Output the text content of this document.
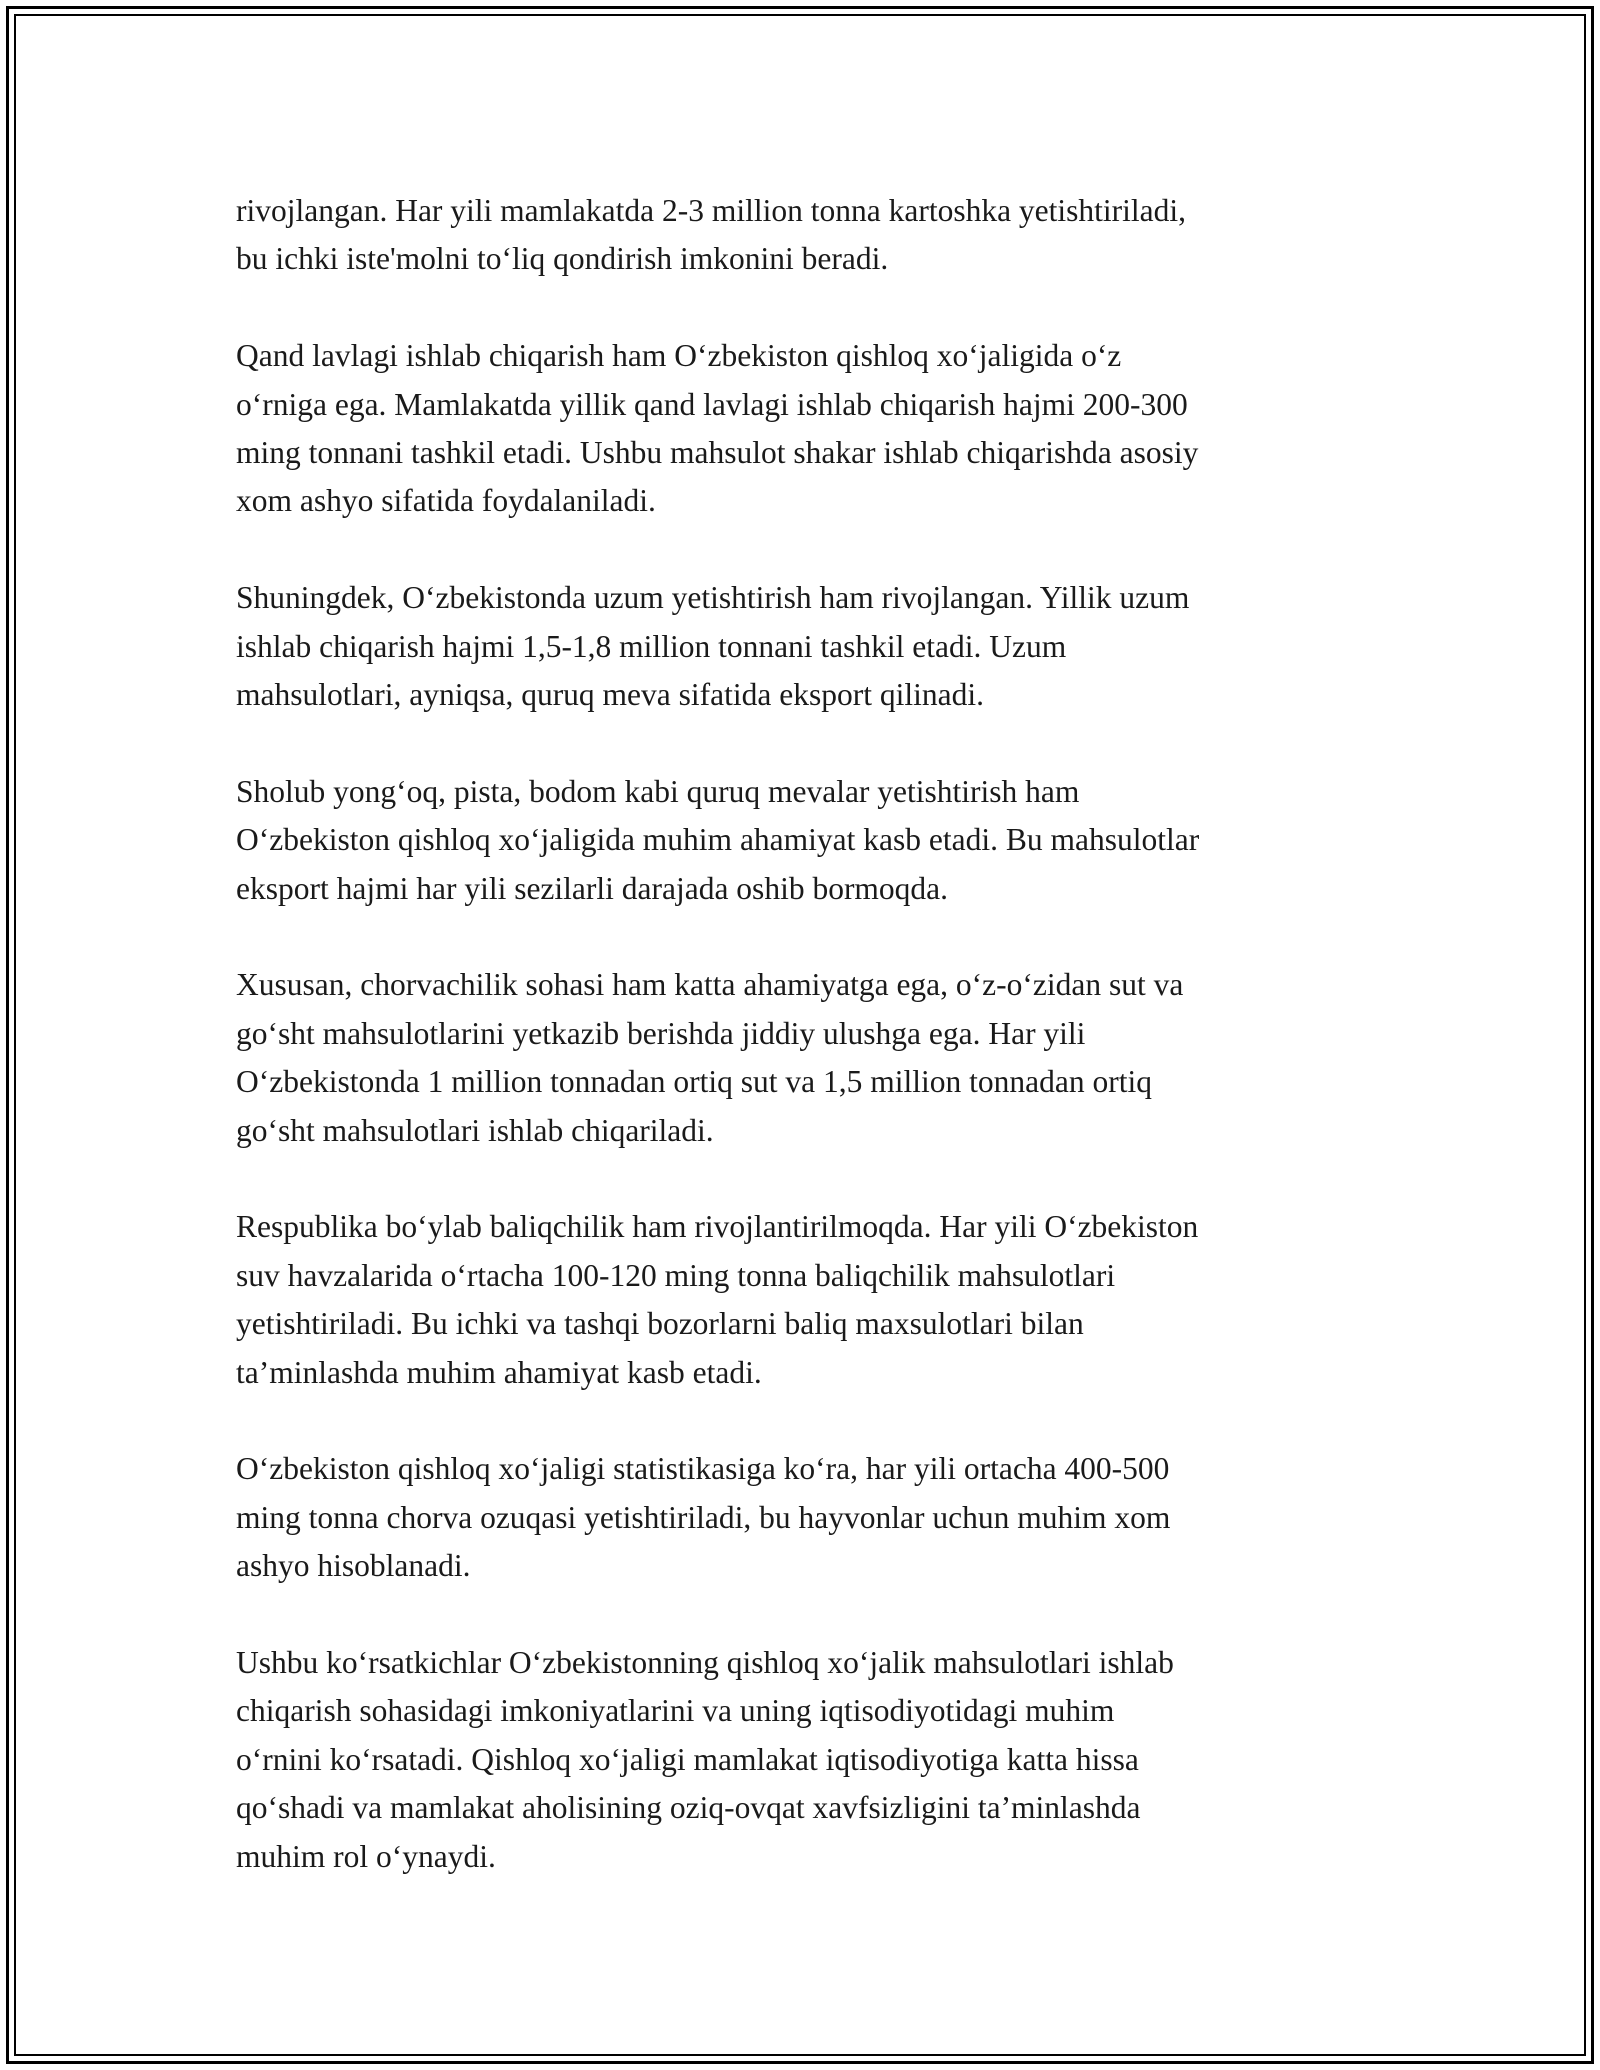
rivojlangan. Har yili mamlakatda 2-3 million tonna kartoshka yetishtiriladi,
bu ichki iste'molni to‘liq qondirish imkonini beradi.

Qand lavlagi ishlab chiqarish ham O‘zbekiston qishloq xo‘jaligida o‘z
o‘rniga ega. Mamlakatda yillik qand lavlagi ishlab chiqarish hajmi 200-300
ming tonnani tashkil etadi. Ushbu mahsulot shakar ishlab chiqarishda asosiy
xom ashyo sifatida foydalaniladi.

Shuningdek, O‘zbekistonda uzum yetishtirish ham rivojlangan. Yillik uzum
ishlab chiqarish hajmi 1,5-1,8 million tonnani tashkil etadi. Uzum
mahsulotlari, ayniqsa, quruq meva sifatida eksport qilinadi.

Sholub yong‘oq, pista, bodom kabi quruq mevalar yetishtirish ham
O‘zbekiston qishloq xo‘jaligida muhim ahamiyat kasb etadi. Bu mahsulotlar
eksport hajmi har yili sezilarli darajada oshib bormoqda.

Xususan, chorvachilik sohasi ham katta ahamiyatga ega, o‘z-o‘zidan sut va
go‘sht mahsulotlarini yetkazib berishda jiddiy ulushga ega. Har yili
O‘zbekistonda 1 million tonnadan ortiq sut va 1,5 million tonnadan ortiq
go‘sht mahsulotlari ishlab chiqariladi.

Respublika bo‘ylab baliqchilik ham rivojlantirilmoqda. Har yili O‘zbekiston
suv havzalarida o‘rtacha 100-120 ming tonna baliqchilik mahsulotlari
yetishtiriladi. Bu ichki va tashqi bozorlarni baliq maxsulotlari bilan
ta’minlashda muhim ahamiyat kasb etadi.

O‘zbekiston qishloq xo‘jaligi statistikasiga ko‘ra, har yili ortacha 400-500
ming tonna chorva ozuqasi yetishtiriladi, bu hayvonlar uchun muhim xom
ashyo hisoblanadi.

Ushbu ko‘rsatkichlar O‘zbekistonning qishloq xo‘jalik mahsulotlari ishlab
chiqarish sohasidagi imkoniyatlarini va uning iqtisodiyotidagi muhim
o‘rnini ko‘rsatadi. Qishloq xo‘jaligi mamlakat iqtisodiyotiga katta hissa
qo‘shadi va mamlakat aholisining oziq-ovqat xavfsizligini ta’minlashda
muhim rol o‘ynaydi.
